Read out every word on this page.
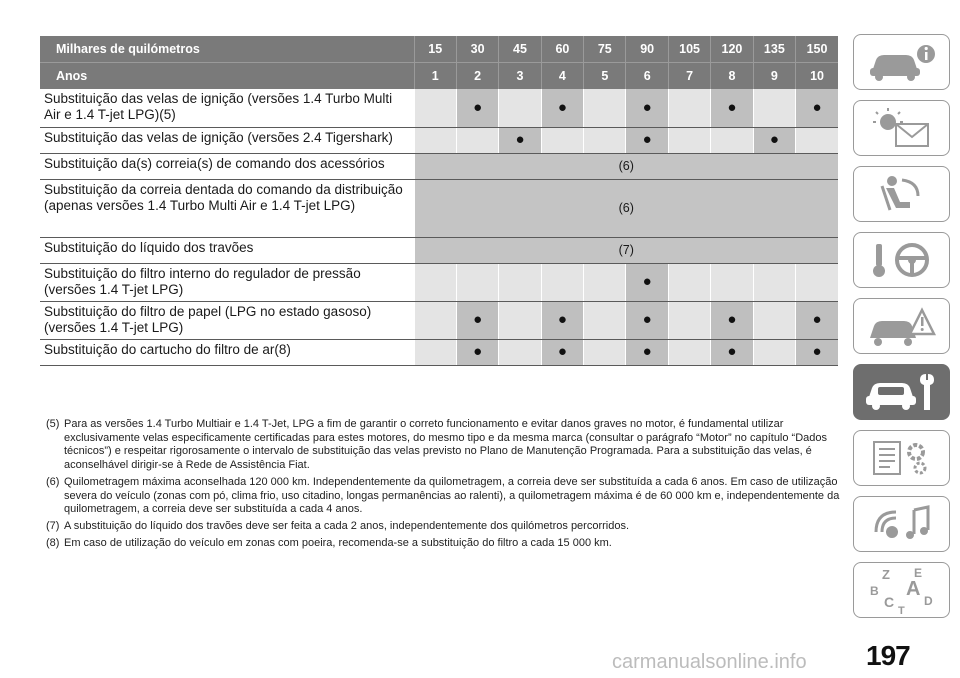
Milhares de quilómetros	15	30	45	60	75	90	105	120	135	150
Anos	1	2	3	4	5	6	7	8	9	10
Substituição das velas de ignição (versões 1.4 Turbo Multi Air e 1.4 T-jet LPG)(5)		●		●		●		●		●
Substituição das velas de ignição (versões 2.4 Tigershark)			●			●			●	
Substituição da(s) correia(s) de comando dos acessórios	(6)									
Substituição da correia dentada do comando da distribuição (apenas versões 1.4 Turbo Multi Air e 1.4 T-jet LPG)	(6)									
Substituição do líquido dos travões	(7)									
Substituição do filtro interno do regulador de pressão (versões 1.4 T-jet LPG)						●				
Substituição do filtro de papel (LPG no estado gasoso) (versões 1.4 T-jet LPG)		●		●		●		●		●
Substituição do cartucho do filtro de ar(8)		●		●		●		●		●
(5) Para as versões 1.4 Turbo Multiair e 1.4 T-Jet, LPG a fim de garantir o correto funcionamento e evitar danos graves no motor, é fundamental utilizar exclusivamente velas especificamente certificadas para estes motores, do mesmo tipo e da mesma marca (consultar o parágrafo “Motor” no capítulo “Dados técnicos”) e respeitar rigorosamente o intervalo de substituição das velas previsto no Plano de Manutenção Programada. Para a substituição das velas, é aconselhável dirigir-se à Rede de Assistência Fiat.
(6) Quilometragem máxima aconselhada 120 000 km. Independentemente da quilometragem, a correia deve ser substituída a cada 6 anos. Em caso de utilização severa do veículo (zonas com pó, clima frio, uso citadino, longas permanências ao ralenti), a quilometragem máxima é de 60 000 km e, independentemente da quilometragem, a correia deve ser substituída a cada 4 anos.
(7) A substituição do líquido dos travões deve ser feita a cada 2 anos, independentemente dos quilómetros percorridos.
(8) Em caso de utilização do veículo em zonas com poeira, recomenda-se a substituição do filtro a cada 15 000 km.
Z E
B A
C D
T
197
carmanualsonline.info
